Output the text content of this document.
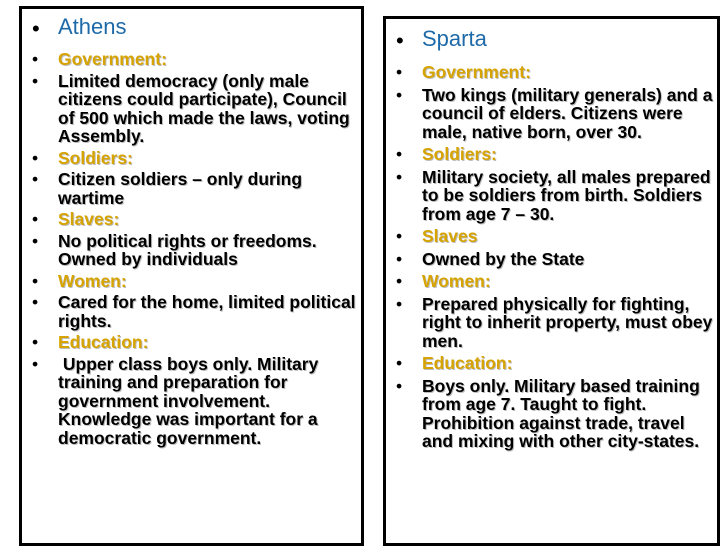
• Athens
• Government:
• Limited democracy (only male citizens could participate), Council of 500 which made the laws, voting Assembly.
• Soldiers:
• Citizen soldiers – only during wartime
• Slaves:
• No political rights or freedoms. Owned by individuals
• Women:
• Cared for the home, limited political rights.
• Education:
•  Upper class boys only. Military training and preparation for government involvement. Knowledge was important for a democratic government.
• Sparta
• Government:
• Two kings (military generals) and a council of elders. Citizens were male, native born, over 30.
• Soldiers:
• Military society, all males prepared to be soldiers from birth. Soldiers from age 7 – 30.
• Slaves
• Owned by the State
• Women:
• Prepared physically for fighting, right to inherit property, must obey men.
• Education:
• Boys only. Military based training from age 7. Taught to fight. Prohibition against trade, travel and mixing with other city-states.
